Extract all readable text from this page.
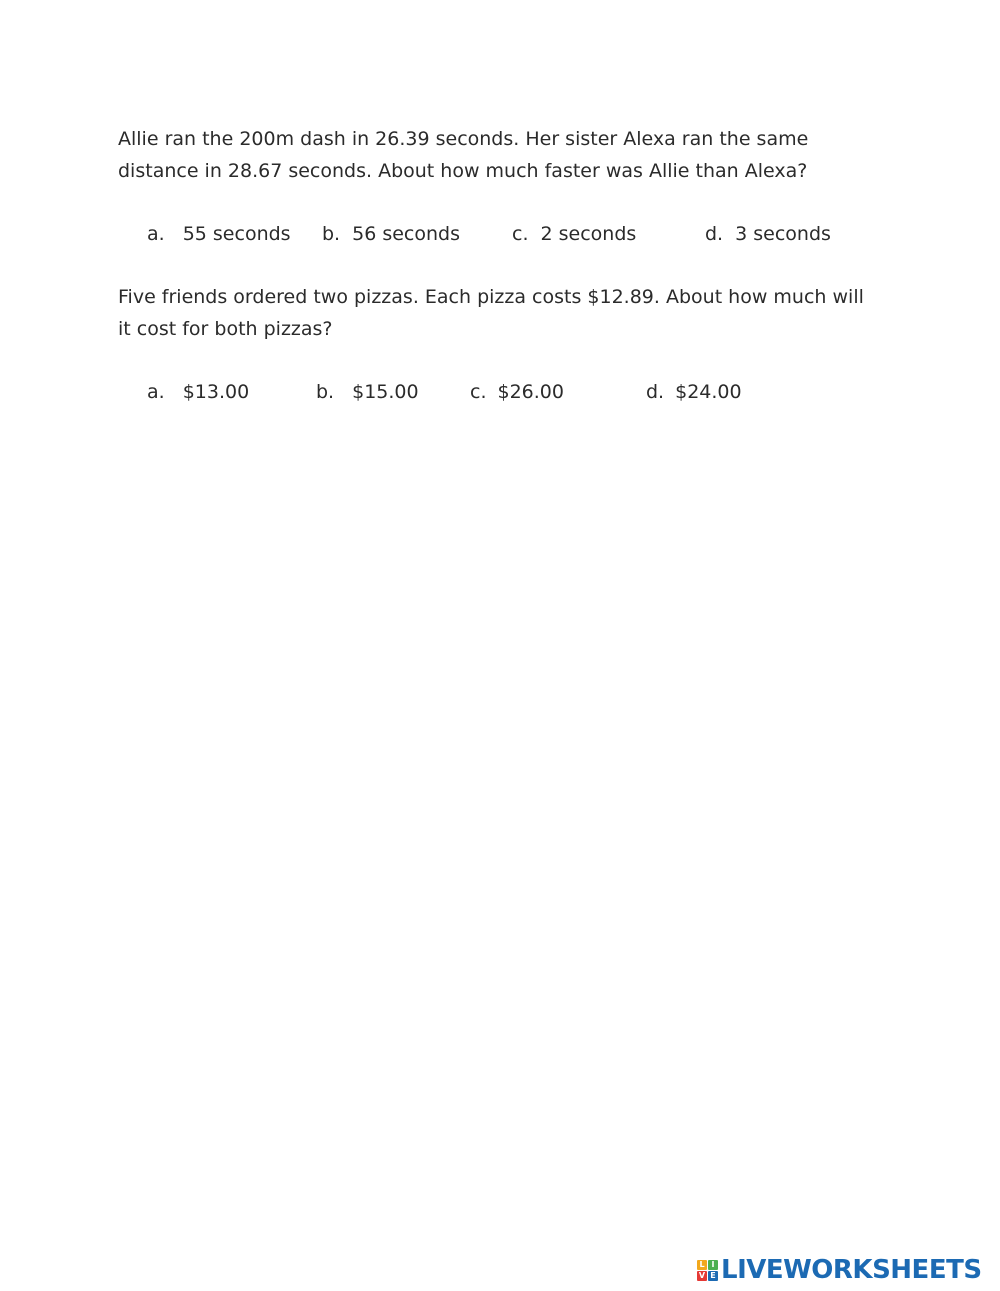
Allie ran the 200m dash in 26.39 seconds. Her sister Alexa ran the same
distance in 28.67 seconds. About how much faster was Allie than Alexa?

a. 55 seconds b. 56 seconds	c. 2 seconds	d. 3 seconds

Five friends ordered two pizzas. Each pizza costs $12.89. About how much will
it cost for both pizzas?

a. $13.00	b. $15.00	c. $26.00	d. $24.00
L I
V E LIVEWORKSHEETS
